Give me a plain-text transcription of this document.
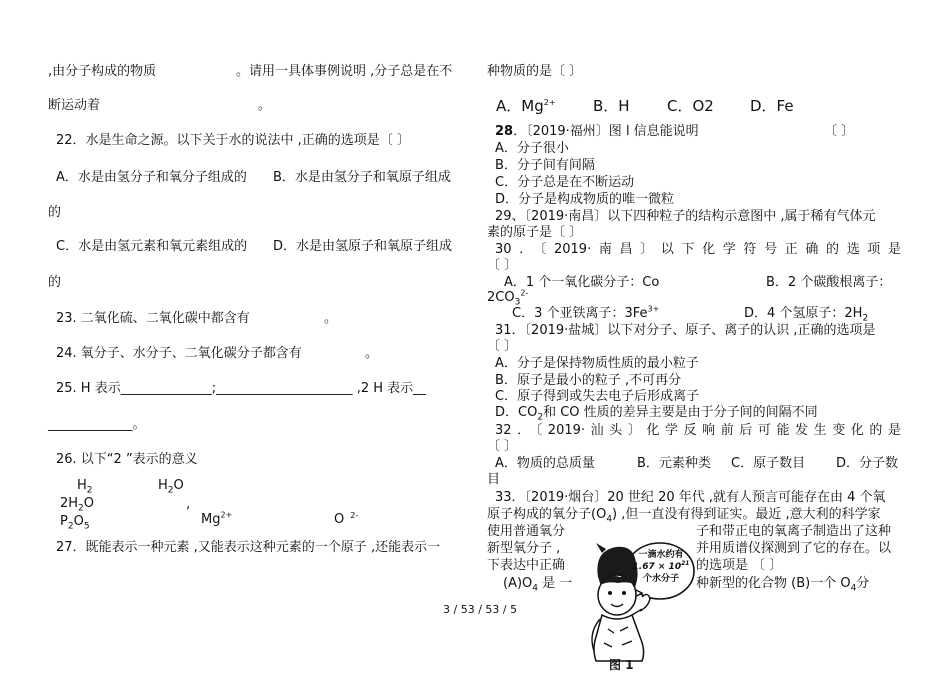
,由分子构成的物质	。请用一具体事例说明 ,分子总是在不
断运动着	。
22．水是生命之源。以下关于水的说法中 ,正确的选项是〔 〕
A．水是由氢分子和氧分子组成的 B．水是由氢分子和氧原子组成
的
C．水是由氢元素和氧元素组成的 D．水是由氢原子和氧原子组成
的
23. 二氧化硫、二氧化碳中都含有	。
24. 氧分子、水分子、二氧化碳分子都含有	。
25. H 表示______________;_____________________ ,2 H 表示__
_____________。
26. 以下“2 ”表示的意义
$H_2$	$H_2O$
$2H_2O$	,
$P_2O_5$	$Mg^{2+}$	O $^{2-}$
27．既能表示一种元素 ,又能表示这种元素的一个原子 ,还能表示一
种物质的是〔 〕
A．$Mg^{2+}$ B．H C．O2 D．Fe
28．〔2019·福州〕图 l 信息能说明	〔 〕
A．分子很小
B．分子间有间隔
C．分子总是在不断运动
D．分子是构成物质的唯一微粒
29、〔2019·南昌〕以下四种粒子的结构示意图中 ,属于稀有气体元
素的原子是〔 〕
30．〔2019·南昌〕以下化学符号正确的选项是
〔 〕
A．1 个一氧化碳分子：Co	B．2 个碳酸根离子：
$2CO_3^{2-}$
C．3 个亚铁离子：$3Fe^{3+}$	D．4 个氢原子：$2H_2$
31．〔2019·盐城〕以下对分子、原子、离子的认识 ,正确的选项是
〔 〕
A．分子是保持物质性质的最小粒子
B．原子是最小的粒子 ,不可再分
C．原子得到或失去电子后形成离子
D．$CO_2$和 CO 性质的差异主要是由于分子间的间隔不同
32．〔2019·汕头〕化学反响前后可能发生变化的是
〔 〕
A．物质的总质量	B．元素种类 C．原子数目 D．分子数
目
33．〔2019·烟台〕20 世纪 20 年代 ,就有人预言可能存在由 4 个氧
原子构成的氧分子$(O_4)$ ,但一直没有得到证实。最近 ,意大利的科学家
使用普通氧分	子和带正电的氧离子制造出了这种
新型氧分子 ,	并用质谱仪探测到了它的存在。以
下表达中正确	的选项是 〔 〕
$(A)O_4$ 是 一	种新型的化合物 (B)一个 $O_4$分
一滴水约有
$1.67 \times 10^{21}$
个水分子
图 1
3 / 53 / 53 / 5
